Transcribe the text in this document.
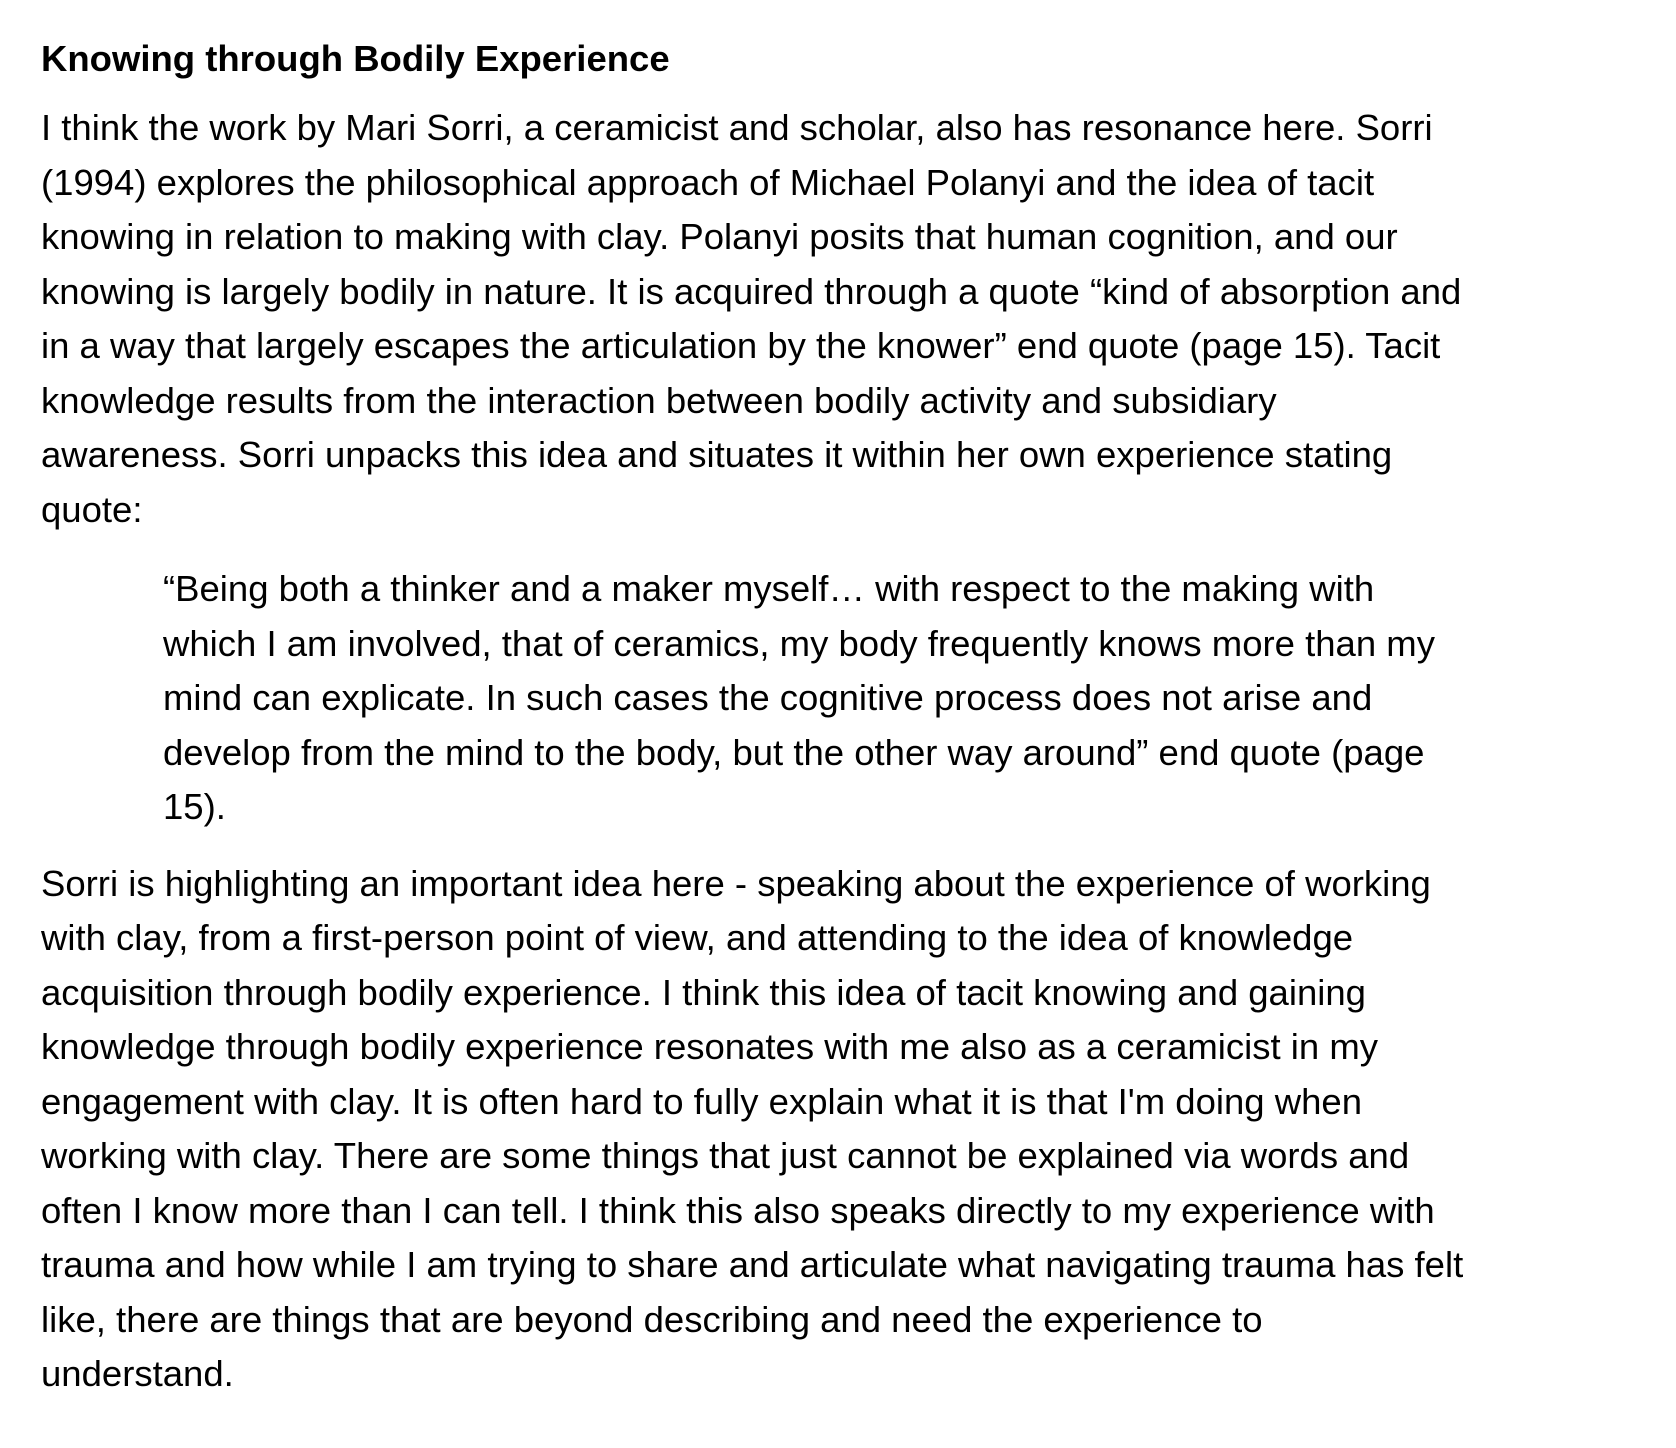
Knowing through Bodily Experience

I think the work by Mari Sorri, a ceramicist and scholar, also has resonance here. Sorri
(1994) explores the philosophical approach of Michael Polanyi and the idea of tacit
knowing in relation to making with clay. Polanyi posits that human cognition, and our
knowing is largely bodily in nature. It is acquired through a quote “kind of absorption and
in a way that largely escapes the articulation by the knower” end quote (page 15). Tacit
knowledge results from the interaction between bodily activity and subsidiary
awareness. Sorri unpacks this idea and situates it within her own experience stating
quote:

“Being both a thinker and a maker myself… with respect to the making with
which I am involved, that of ceramics, my body frequently knows more than my
mind can explicate. In such cases the cognitive process does not arise and
develop from the mind to the body, but the other way around” end quote (page
15).

Sorri is highlighting an important idea here - speaking about the experience of working
with clay, from a first-person point of view, and attending to the idea of knowledge
acquisition through bodily experience. I think this idea of tacit knowing and gaining
knowledge through bodily experience resonates with me also as a ceramicist in my
engagement with clay. It is often hard to fully explain what it is that I'm doing when
working with clay. There are some things that just cannot be explained via words and
often I know more than I can tell. I think this also speaks directly to my experience with
trauma and how while I am trying to share and articulate what navigating trauma has felt
like, there are things that are beyond describing and need the experience to
understand.
